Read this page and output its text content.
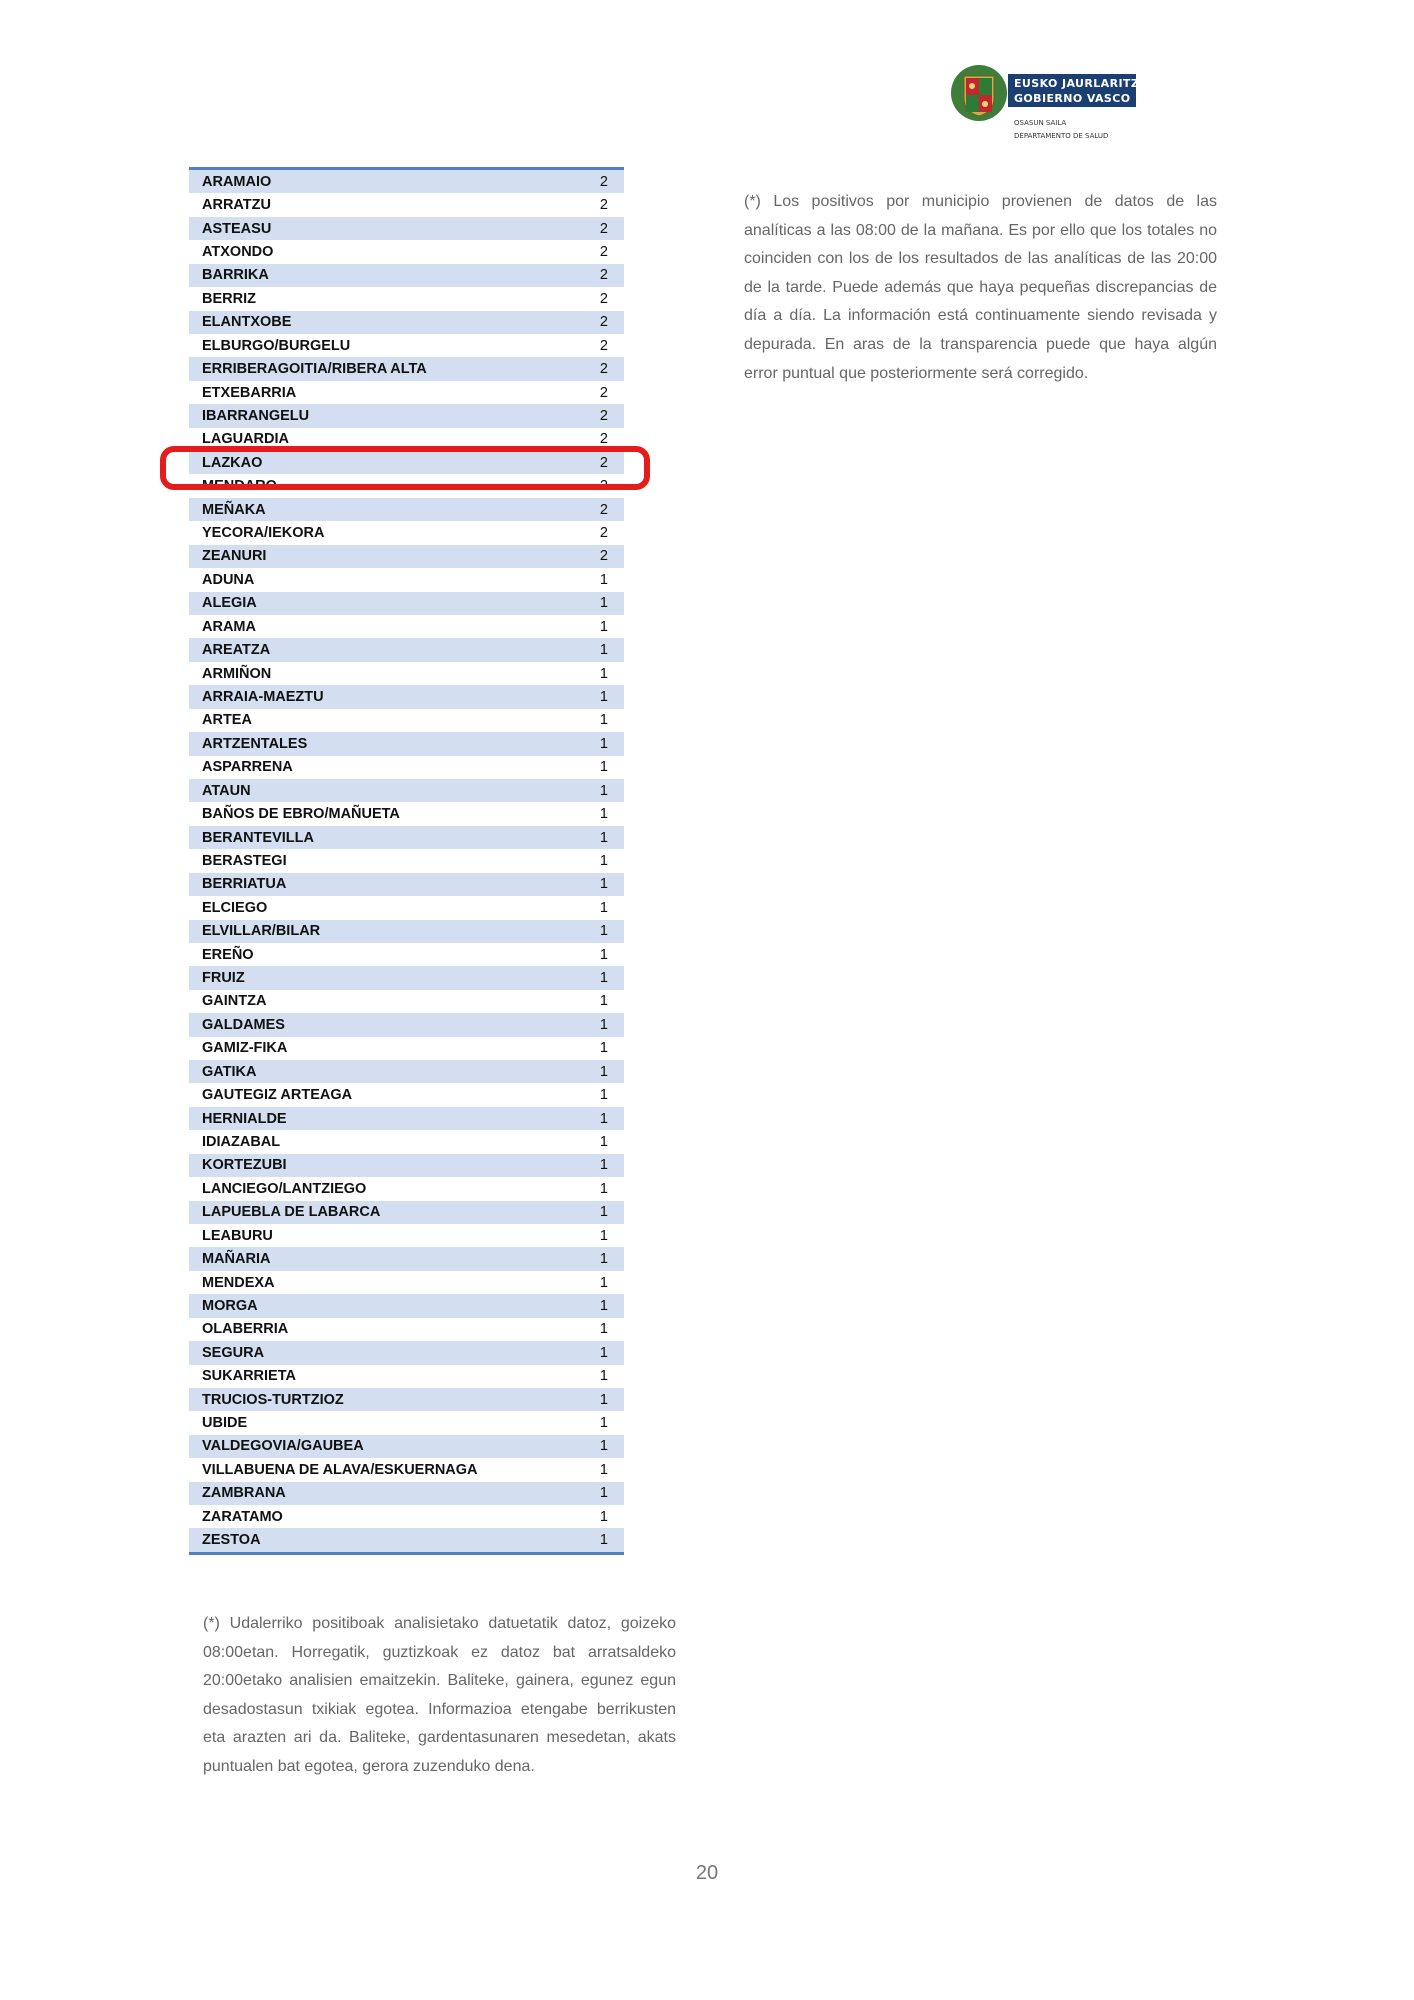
EUSKO JAURLARITZA
GOBIERNO VASCO
OSASUN SAILA
DEPARTAMENTO DE SALUD
ARAMAIO	2
ARRATZU	2
ASTEASU	2
ATXONDO	2
BARRIKA	2
BERRIZ	2
ELANTXOBE	2
ELBURGO/BURGELU	2
ERRIBERAGOITIA/RIBERA ALTA	2
ETXEBARRIA	2
IBARRANGELU	2
LAGUARDIA	2
LAZKAO	2
MENDARO	2
MEÑAKA	2
YECORA/IEKORA	2
ZEANURI	2
ADUNA	1
ALEGIA	1
ARAMA	1
AREATZA	1
ARMIÑON	1
ARRAIA-MAEZTU	1
ARTEA	1
ARTZENTALES	1
ASPARRENA	1
ATAUN	1
BAÑOS DE EBRO/MAÑUETA	1
BERANTEVILLA	1
BERASTEGI	1
BERRIATUA	1
ELCIEGO	1
ELVILLAR/BILAR	1
EREÑO	1
FRUIZ	1
GAINTZA	1
GALDAMES	1
GAMIZ-FIKA	1
GATIKA	1
GAUTEGIZ ARTEAGA	1
HERNIALDE	1
IDIAZABAL	1
KORTEZUBI	1
LANCIEGO/LANTZIEGO	1
LAPUEBLA DE LABARCA	1
LEABURU	1
MAÑARIA	1
MENDEXA	1
MORGA	1
OLABERRIA	1
SEGURA	1
SUKARRIETA	1
TRUCIOS-TURTZIOZ	1
UBIDE	1
VALDEGOVIA/GAUBEA	1
VILLABUENA DE ALAVA/ESKUERNAGA	1
ZAMBRANA	1
ZARATAMO	1
ZESTOA	1

(*) Los positivos por municipio provienen de datos de las analíticas a las 08:00 de la mañana. Es por ello que los totales no coinciden con los de los resultados de las analíticas de las 20:00 de la tarde. Puede además que haya pequeñas discrepancias de día a día. La información está continuamente siendo revisada y depurada. En aras de la transparencia puede que haya algún error puntual que posteriormente será corregido.

(*) Udalerriko positiboak analisietako datuetatik datoz, goizeko 08:00etan. Horregatik, guztizkoak ez datoz bat arratsaldeko 20:00etako analisien emaitzekin. Baliteke, gainera, egunez egun desadostasun txikiak egotea. Informazioa etengabe berrikusten eta arazten ari da. Baliteke, gardentasunaren mesedetan, akats puntualen bat egotea, gerora zuzenduko dena.

20
